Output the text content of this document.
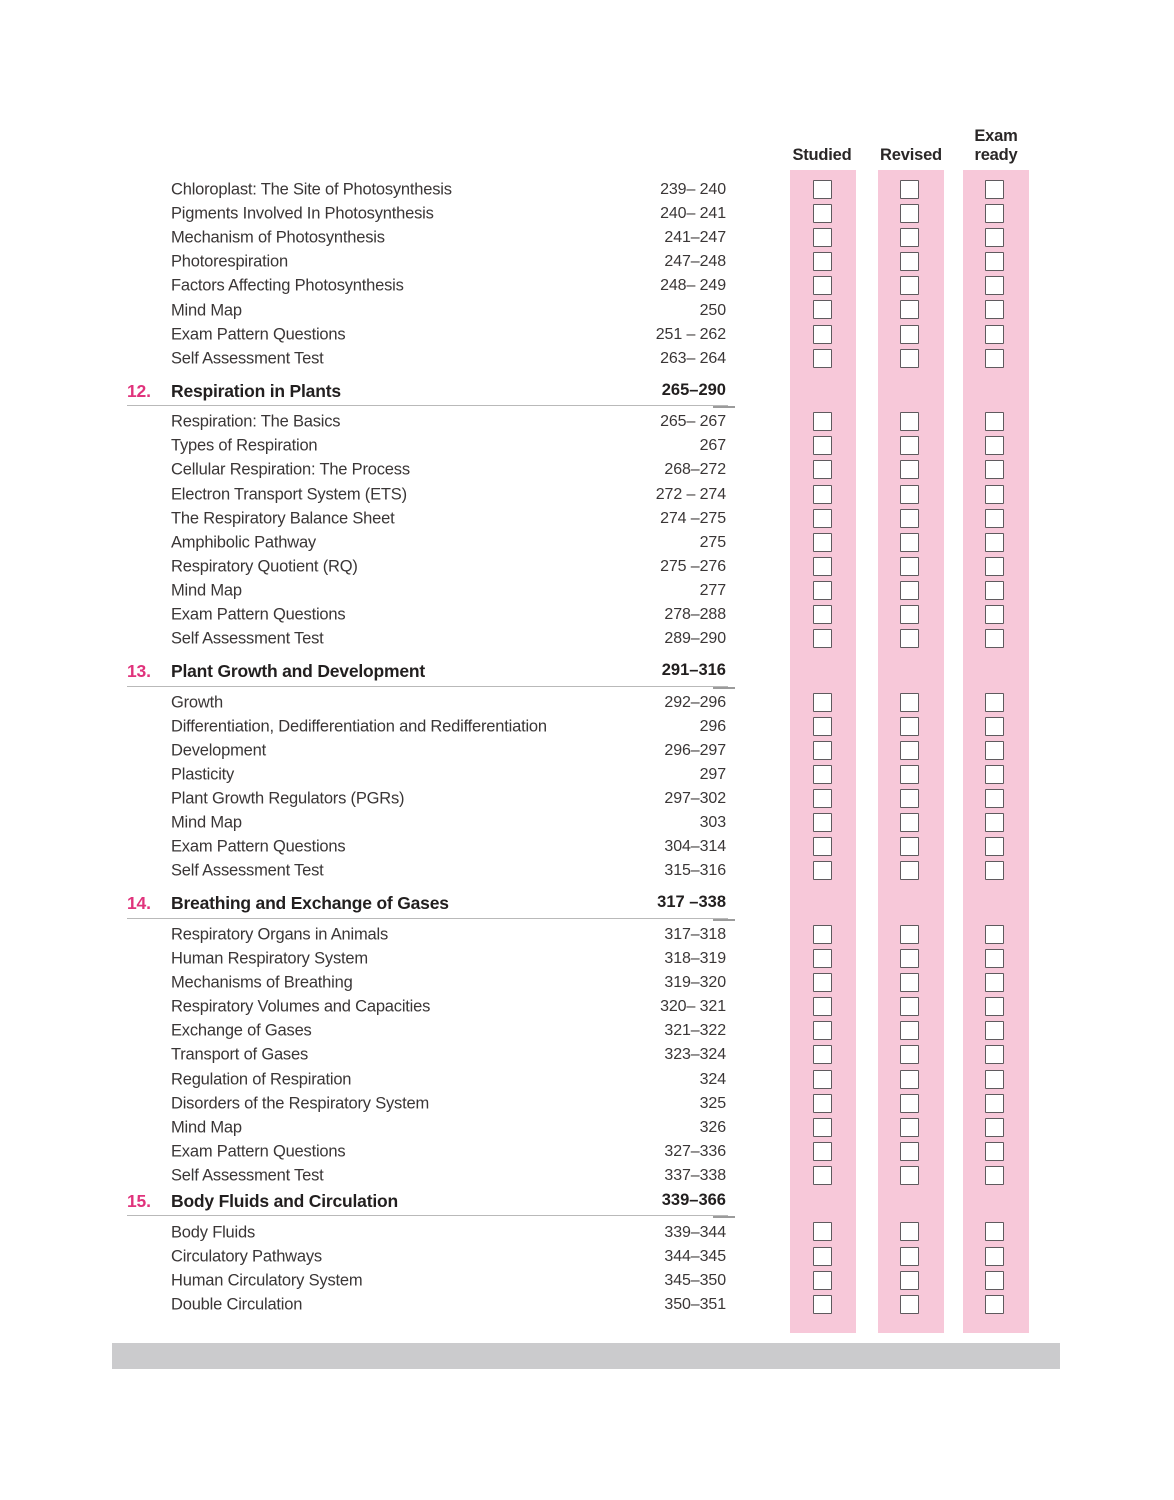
Studied	Revised
Exam ready
Chloroplast: The Site of Photosynthesis	239– 240
Pigments Involved In Photosynthesis	240– 241
Mechanism of Photosynthesis	241–247
Photorespiration	247–248
Factors Affecting Photosynthesis	248– 249
Mind Map	250
Exam Pattern Questions	251 – 262
Self Assessment Test	263– 264
12. Respiration in Plants	265–290
Respiration: The Basics	265– 267
Types of Respiration	267
Cellular Respiration: The Process	268–272
Electron Transport System (ETS)	272 – 274
The Respiratory Balance Sheet	274 –275
Amphibolic Pathway	275
Respiratory Quotient (RQ)	275 –276
Mind Map	277
Exam Pattern Questions	278–288
Self Assessment Test	289–290
13. Plant Growth and Development	291–316
Growth	292–296
Differentiation, Dedifferentiation and Redifferentiation	296
Development	296–297
Plasticity	297
Plant Growth Regulators (PGRs)	297–302
Mind Map	303
Exam Pattern Questions	304–314
Self Assessment Test	315–316
14. Breathing and Exchange of Gases	317 –338
Respiratory Organs in Animals	317–318
Human Respiratory System	318–319
Mechanisms of Breathing	319–320
Respiratory Volumes and Capacities	320– 321
Exchange of Gases	321–322
Transport of Gases	323–324
Regulation of Respiration	324
Disorders of the Respiratory System	325
Mind Map	326
Exam Pattern Questions	327–336
Self Assessment Test	337–338
15. Body Fluids and Circulation	339–366
Body Fluids	339–344
Circulatory Pathways	344–345
Human Circulatory System	345–350
Double Circulation	350–351
